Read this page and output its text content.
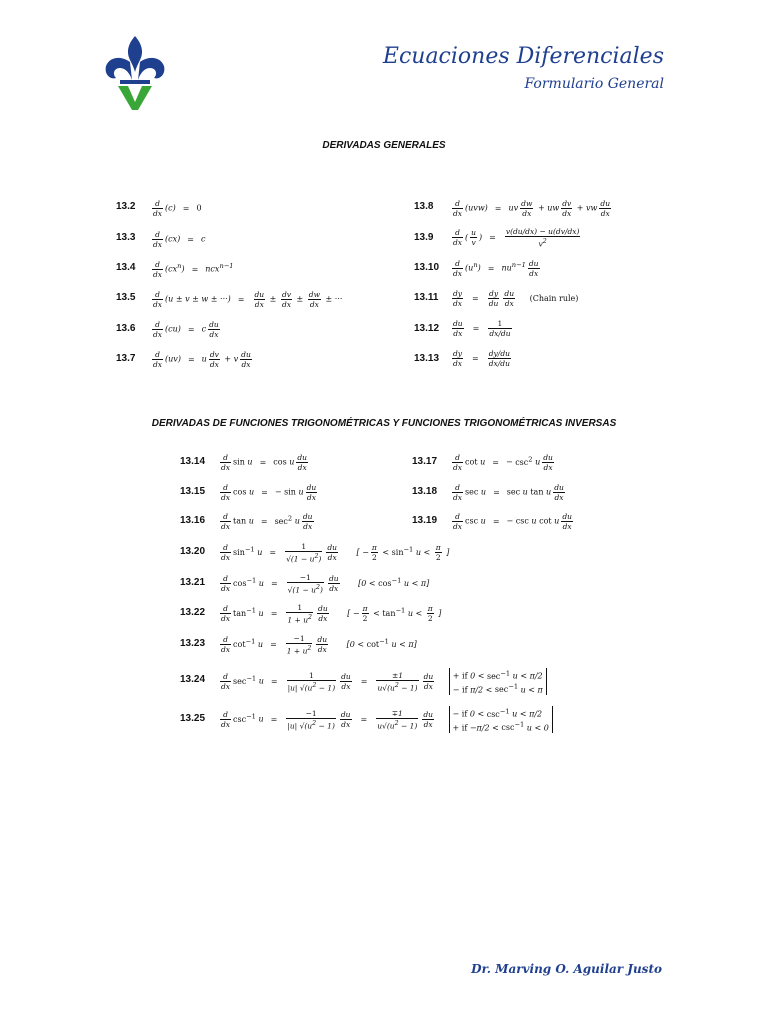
Ecuaciones Diferenciales
Formulario General
DERIVADAS GENERALES
$13.2 \frac{d}{dx} (c) = 0$
$13.3 \frac{d}{dx} (cx) = c$
$13.4 \frac{d}{dx} (cx^n) = ncx^{n-1}$
$13.5 \frac{d}{dx} (u \pm v \pm w$ ± ···) = $\frac{du}{dx} \pm \frac{dv}{dx} \pm \frac{dw}{dx}$ ± ···
$13.6 \frac{d}{dx} (cu) = c \frac{du}{dx}$
$13.7 \frac{d}{dx} (uv) = u \frac{dv}{dx} + v \frac{du}{dx}$
$13.8 \frac{d}{dx} (uvw)$ = uv $\frac{dw}{dx}$ + uw $\frac{dv}{dx}$ + vw $\frac{du}{dx}$
$13.9 \frac{d}{dx}$ ( $\frac{u}{v}$ ) = $\frac{v(du/dx) - u(dv/dx)}{v^2}$
$13.10 \frac{d}{dx} (u^n) = nu^{n-1} \frac{du}{dx}$
$13.11 \frac{dy}{dx} = \frac{dy}{du} \frac{du}{dx}$ (Chain rule)
$13.12 \frac{du}{dx} = \frac{1}{dx/du}$
$13.13 \frac{dy}{dx} = \frac{dy/du}{dx/du}$
DERIVADAS DE FUNCIONES TRIGONOMÉTRICAS Y FUNCIONES TRIGONOMÉTRICAS INVERSAS
$13.14 \frac{d}{dx}$ sin u = cos u $\frac{du}{dx}$
$13.15 \frac{d}{dx}$ cos u = − sin u $\frac{du}{dx}$
$13.16 \frac{d}{dx}$ $\tan u = \sec^2 u \frac{du}{dx}$
$13.17 \frac{d}{dx}$ cot u = − $\csc^2 u \frac{du}{dx}$
$13.18 \frac{d}{dx}$ sec u = sec u tan u $\frac{du}{dx}$
$13.19 \frac{d}{dx}$ csc u = − csc u cot u $\frac{du}{dx}$
$13.20 \frac{d}{dx} \sin^{-1} u = \frac{1}{√(1 - u^2)} \frac{du}{dx}$ [ − $\frac{\pi}{2} < \sin^{-1} u < \frac{\pi}{2}$ ]
$13.21 \frac{d}{dx} \cos^{-1} u = \frac{-1}{√(1 - u^2)} \frac{du}{dx} [0 < \cos^{-1} u < \pi]$
$13.22 \frac{d}{dx} \tan^{-1} u = \frac{1}{1 + u^2} \frac{du}{dx}$ [ − $\frac{\pi}{2} < \tan^{-1} u < \frac{\pi}{2}$ ]
$13.23 \frac{d}{dx} \cot^{-1} u = \frac{-1}{1 + u^2} \frac{du}{dx} [0 < \cot^{-1} u < \pi]$
$13.24 \frac{d}{dx} \sec^{-1} u = \frac{1}{|u| √(u^2 - 1)} \frac{du}{dx} = \frac{\pm 1}{u√(u^2 - 1)} \frac{du}{dx}$
+ if $0 < \sec^{-1} u < \pi/2$
− if $\pi/2 < \sec^{-1} u < \pi$
$13.25 \frac{d}{dx} \csc^{-1} u = \frac{-1}{|u| √(u^2 - 1)} \frac{du}{dx} = \frac{\mp 1}{u√(u^2 - 1)} \frac{du}{dx}$
− if $0 < \csc^{-1} u < \pi/2$
+ if $-\pi/2 < \csc^{-1} u < 0$
Dr. Marving O. Aguilar Justo
